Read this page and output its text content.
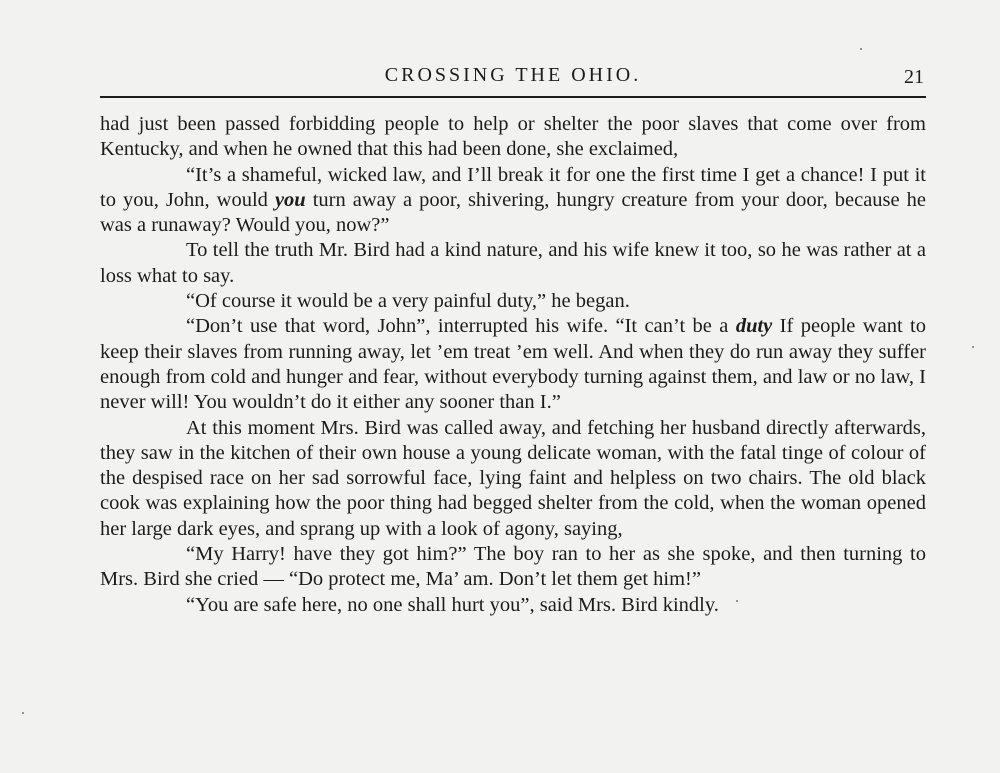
CROSSING THE OHIO.	21

had just been passed forbidding people to help or shelter the poor slaves that come over from Kentucky, and when he owned that this had been done, she exclaimed,

“It’s a shameful, wicked law, and I’ll break it for one the first time I get a chance! I put it to you, John, would you turn away a poor, shivering, hungry creature from your door, because he was a runaway? Would you, now?”

To tell the truth Mr. Bird had a kind nature, and his wife knew it too, so he was rather at a loss what to say.

“Of course it would be a very painful duty,” he began.

“Don’t use that word, John”, interrupted his wife. “It can’t be a duty If people want to keep their slaves from running away, let ’em treat ’em well. And when they do run away they suffer enough from cold and hunger and fear, without everybody turning against them, and law or no law, I never will! You wouldn’t do it either any sooner than I.”

At this moment Mrs. Bird was called away, and fetching her husband directly afterwards, they saw in the kitchen of their own house a young delicate woman, with the fatal tinge of colour of the despised race on her sad sorrowful face, lying faint and helpless on two chairs. The old black cook was explaining how the poor thing had begged shelter from the cold, when the woman opened her large dark eyes, and sprang up with a look of agony, saying,

“My Harry! have they got him?” The boy ran to her as she spoke, and then turning to Mrs. Bird she cried — “Do protect me, Ma’ am. Don’t let them get him!”

“You are safe here, no one shall hurt you”, said Mrs. Bird kindly.
